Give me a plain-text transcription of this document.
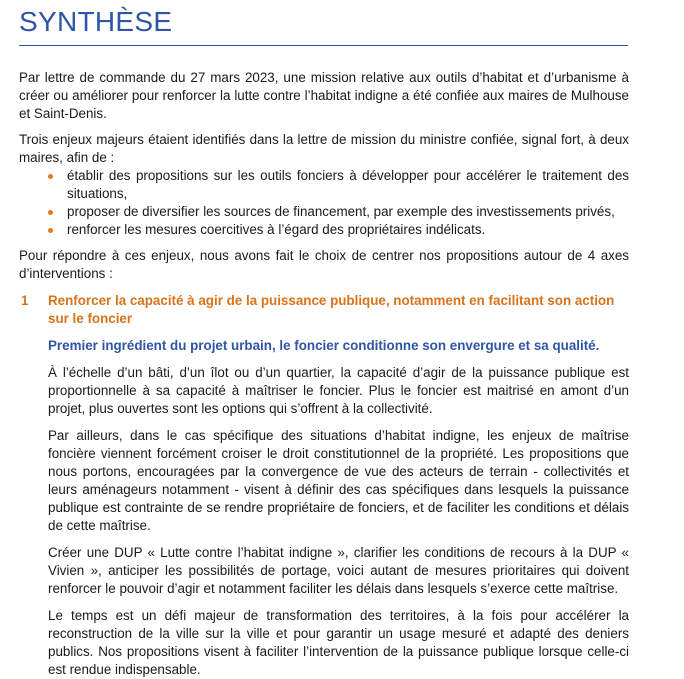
SYNTHÈSE

Par lettre de commande du 27 mars 2023, une mission relative aux outils d’habitat et d’urbanisme à créer ou améliorer pour renforcer la lutte contre l’habitat indigne a été confiée aux maires de Mulhouse et Saint-Denis.

Trois enjeux majeurs étaient identifiés dans la lettre de mission du ministre confiée, signal fort, à deux maires, afin de :

établir des propositions sur les outils fonciers à développer pour accélérer le traitement des situations,
proposer de diversifier les sources de financement, par exemple des investissements privés,
renforcer les mesures coercitives à l’égard des propriétaires indélicats.

Pour répondre à ces enjeux, nous avons fait le choix de centrer nos propositions autour de 4 axes d’interventions :

1 Renforcer la capacité à agir de la puissance publique, notamment en facilitant son action sur le foncier
Premier ingrédient du projet urbain, le foncier conditionne son envergure et sa qualité.

À l’échelle d’un bâti, d’un îlot ou d’un quartier, la capacité d’agir de la puissance publique est proportionnelle à sa capacité à maîtriser le foncier. Plus le foncier est maitrisé en amont d’un projet, plus ouvertes sont les options qui s’offrent à la collectivité.

Par ailleurs, dans le cas spécifique des situations d’habitat indigne, les enjeux de maîtrise foncière viennent forcément croiser le droit constitutionnel de la propriété. Les propositions que nous portons, encouragées par la convergence de vue des acteurs de terrain - collectivités et leurs aménageurs notamment - visent à définir des cas spécifiques dans lesquels la puissance publique est contrainte de se rendre propriétaire de fonciers, et de faciliter les conditions et délais de cette maîtrise.

Créer une DUP « Lutte contre l’habitat indigne », clarifier les conditions de recours à la DUP « Vivien », anticiper les possibilités de portage, voici autant de mesures prioritaires qui doivent renforcer le pouvoir d’agir et notamment faciliter les délais dans lesquels s’exerce cette maîtrise.

Le temps est un défi majeur de transformation des territoires, à la fois pour accélérer la reconstruction de la ville sur la ville et pour garantir un usage mesuré et adapté des deniers publics. Nos propositions visent à faciliter l’intervention de la puissance publique lorsque celle-ci est rendue indispensable.
